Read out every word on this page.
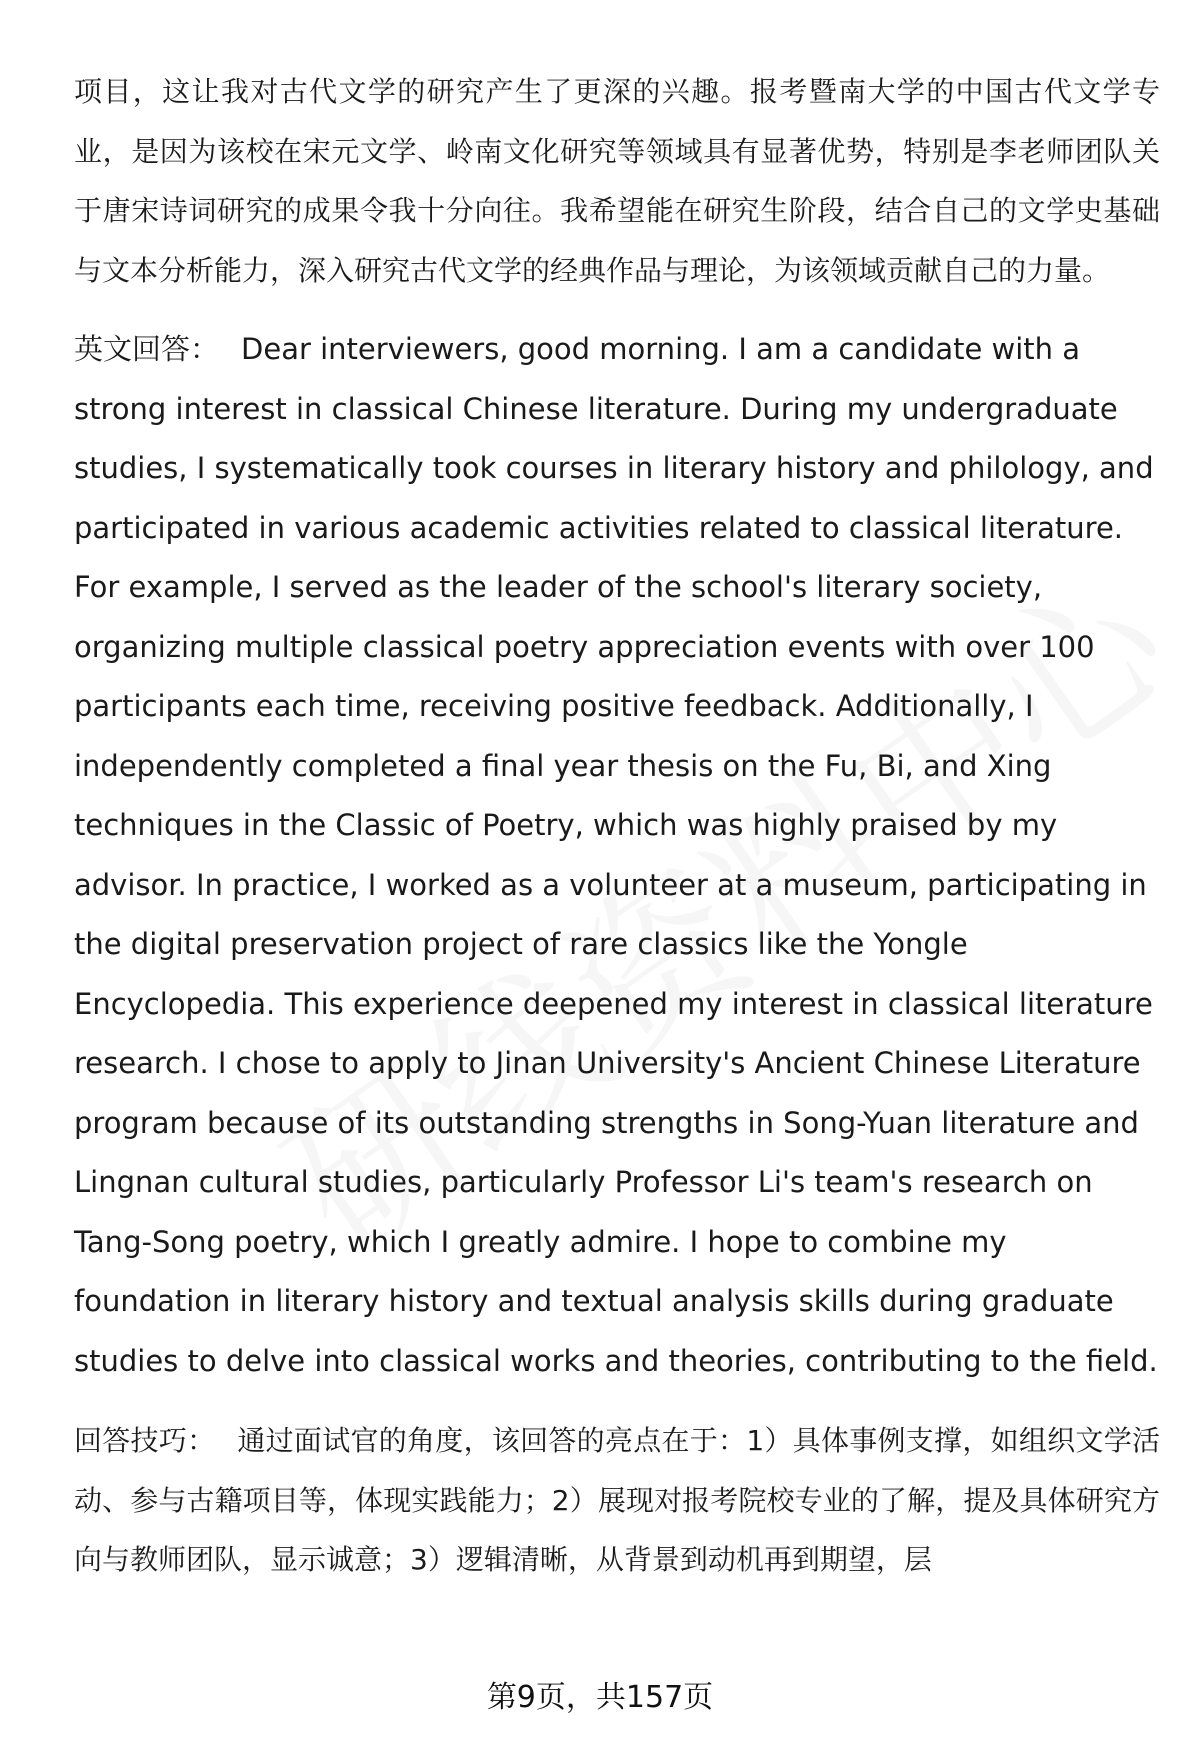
项目，这让我对古代文学的研究产生了更深的兴趣。报考暨南大学的中国古代文学专业，是因为该校在宋元文学、岭南文化研究等领域具有显著优势，特别是李老师团队关于唐宋诗词研究的成果令我十分向往。我希望能在研究生阶段，结合自己的文学史基础与文本分析能力，深入研究古代文学的经典作品与理论，为该领域贡献自己的力量。

英文回答： Dear interviewers, good morning. I am a candidate with a strong interest in classical Chinese literature. During my undergraduate studies, I systematically took courses in literary history and philology, and participated in various academic activities related to classical literature. For example, I served as the leader of the school's literary society, organizing multiple classical poetry appreciation events with over 100 participants each time, receiving positive feedback. Additionally, I independently completed a final year thesis on the Fu, Bi, and Xing techniques in the Classic of Poetry, which was highly praised by my advisor. In practice, I worked as a volunteer at a museum, participating in the digital preservation project of rare classics like the Yongle Encyclopedia. This experience deepened my interest in classical literature research. I chose to apply to Jinan University's Ancient Chinese Literature program because of its outstanding strengths in Song-Yuan literature and Lingnan cultural studies, particularly Professor Li's team's research on Tang-Song poetry, which I greatly admire. I hope to combine my foundation in literary history and textual analysis skills during graduate studies to delve into classical works and theories, contributing to the field.

回答技巧： 通过面试官的角度，该回答的亮点在于：1）具体事例支撑，如组织文学活动、参与古籍项目等，体现实践能力；2）展现对报考院校专业的了解，提及具体研究方向与教师团队，显示诚意；3）逻辑清晰，从背景到动机再到期望，层

第9页，共157页
